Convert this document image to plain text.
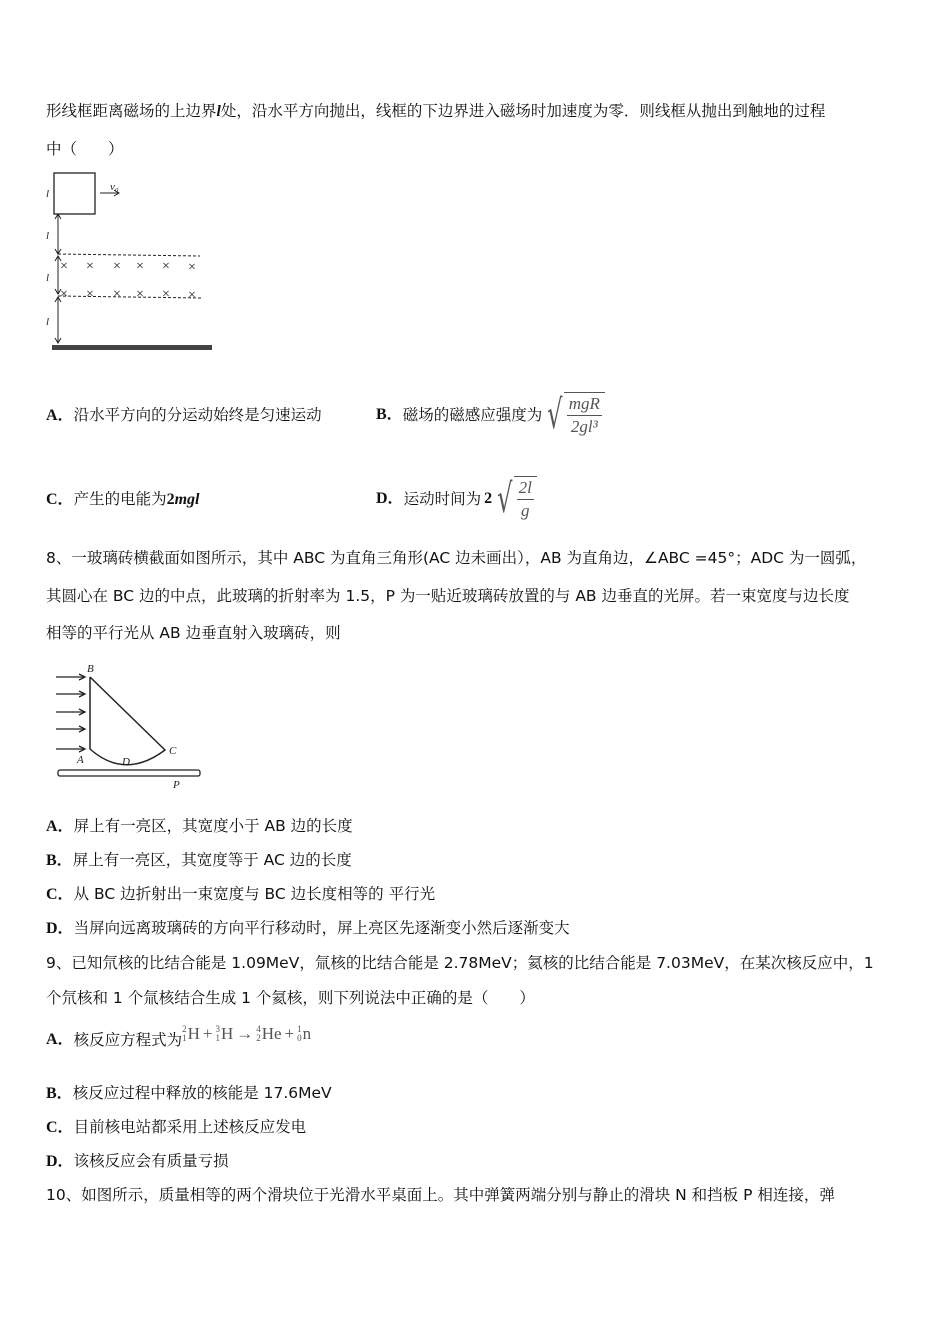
形线框距离磁场的上边界l处，沿水平方向抛出，线框的下边界进入磁场时加速度为零．则线框从抛出到触地的过程
中（　　）
l
v₀
l
l
l
× × × × × ×
× × × × × ×
A．沿水平方向的分运动始终是匀速运动	B． 磁场的磁感应强度为 √ $\frac{\text{mgR}}{\text{2gl³}}$
C．产生的电能为2mgl	D． 运动时间为 2 √ $\frac{2l}{g}$
8、一玻璃砖横截面如图所示，其中 ABC 为直角三角形(AC 边未画出），AB 为直角边，∠ABC =45°；ADC 为一圆弧，
其圆心在 BC 边的中点，此玻璃的折射率为 1.5，P 为一贴近玻璃砖放置的与 AB 边垂直的光屏。若一束宽度与边长度
相等的平行光从 AB 边垂直射入玻璃砖，则
B
A	D
C
P
A．屏上有一亮区，其宽度小于 AB 边的长度
B．屏上有一亮区，其宽度等于 AC 边的长度
C．从 BC 边折射出一束宽度与 BC 边长度相等的 平行光
D．当屏向远离玻璃砖的方向平行移动时，屏上亮区先逐渐变小然后逐渐变大
9、已知氘核的比结合能是 1.09MeV，氚核的比结合能是 2.78MeV；氦核的比结合能是 7.03MeV，在某次核反应中，1
个氘核和 1 个氚核结合生成 1 个氦核，则下列说法中正确的是（　　）
A． 核反应方程式为
2
1 H + 3
1 H → 4
2 He + 1
0 n
B．核反应过程中释放的核能是 17.6MeV
C．目前核电站都采用上述核反应发电
D．该核反应会有质量亏损
10、如图所示，质量相等的两个滑块位于光滑水平桌面上。其中弹簧两端分别与静止的滑块 N 和挡板 P 相连接，弹
